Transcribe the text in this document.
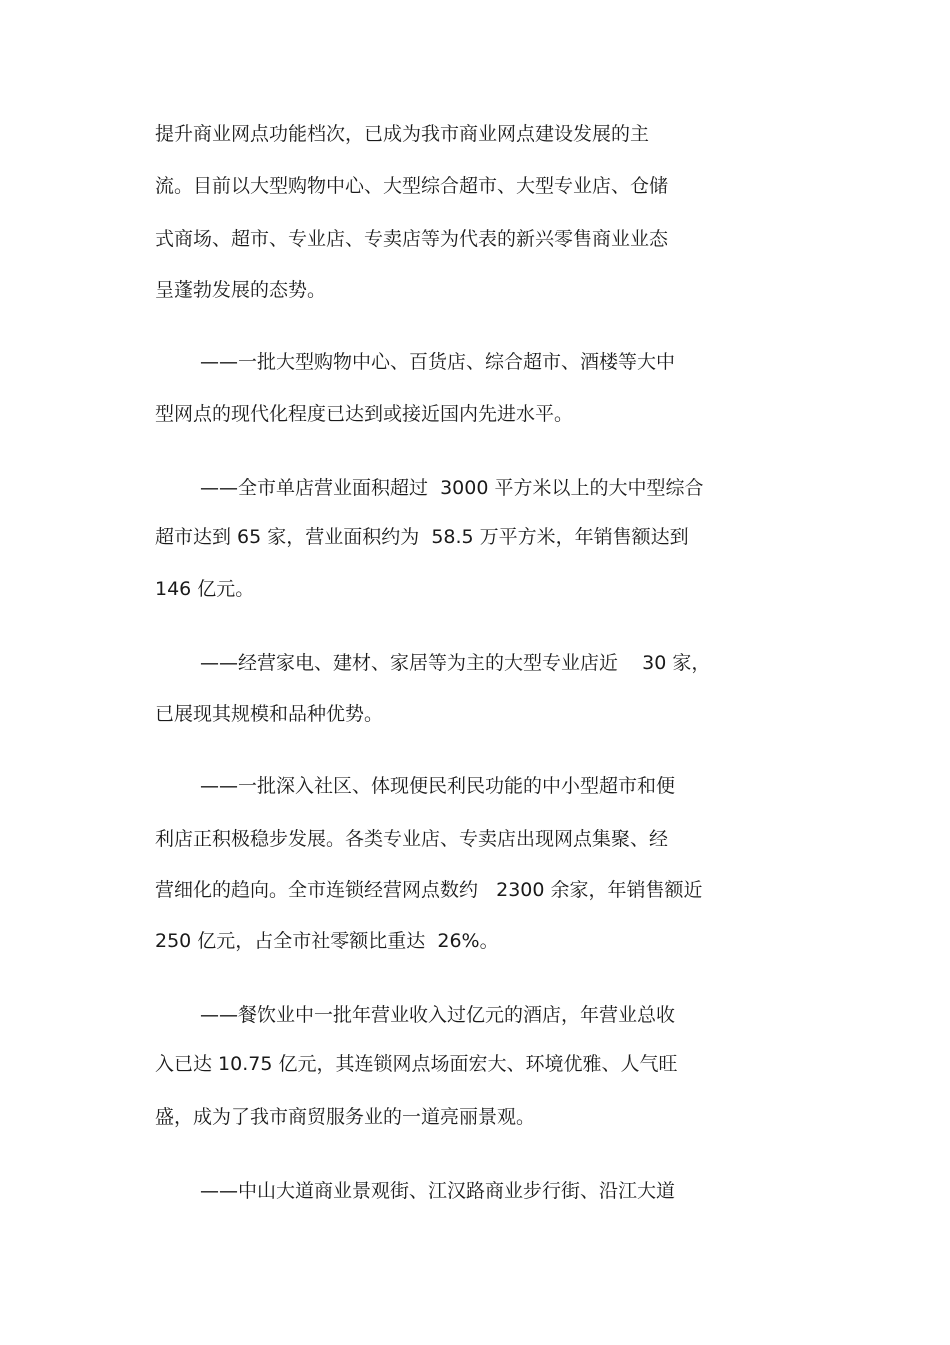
提升商业网点功能档次，已成为我市商业网点建设发展的主
流。目前以大型购物中心、大型综合超市、大型专业店、仓储
式商场、超市、专业店、专卖店等为代表的新兴零售商业业态
呈蓬勃发展的态势。
——一批大型购物中心、百货店、综合超市、酒楼等大中
型网点的现代化程度已达到或接近国内先进水平。
——全市单店营业面积超过  3000 平方米以上的大中型综合
超市达到 65 家，营业面积约为  58.5 万平方米，年销售额达到
146 亿元。
——经营家电、建材、家居等为主的大型专业店近    30 家，
已展现其规模和品种优势。
——一批深入社区、体现便民利民功能的中小型超市和便
利店正积极稳步发展。各类专业店、专卖店出现网点集聚、经
营细化的趋向。全市连锁经营网点数约   2300 余家，年销售额近
250 亿元，占全市社零额比重达  26%。
——餐饮业中一批年营业收入过亿元的酒店，年营业总收
入已达 10.75 亿元，其连锁网点场面宏大、环境优雅、人气旺
盛，成为了我市商贸服务业的一道亮丽景观。
——中山大道商业景观街、江汉路商业步行街、沿江大道
